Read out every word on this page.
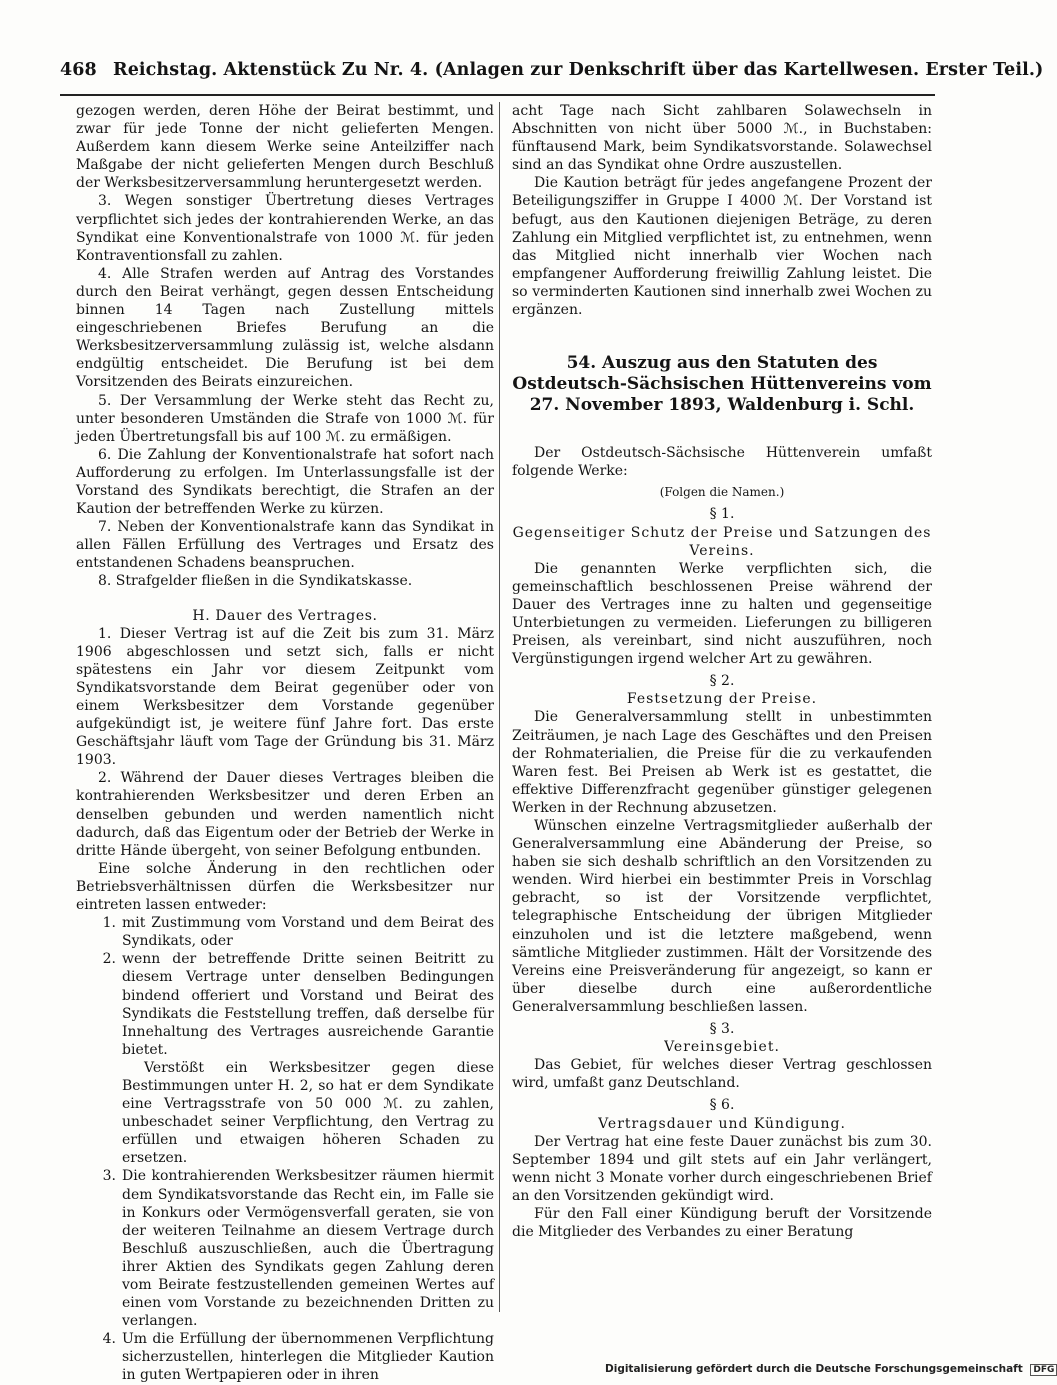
468 Reichstag. Aktenstück Zu Nr. 4. (Anlagen zur Denkschrift über das Kartellwesen. Erster Teil.)

gezogen werden, deren Höhe der Beirat bestimmt, und zwar für jede Tonne der nicht gelieferten Mengen. Außerdem kann diesem Werke seine Anteilziffer nach Maßgabe der nicht gelieferten Mengen durch Beschluß der Werksbesitzerversammlung heruntergesetzt werden.

3. Wegen sonstiger Übertretung dieses Vertrages verpflichtet sich jedes der kontrahierenden Werke, an das Syndikat eine Konventionalstrafe von 1000 ℳ. für jeden Kontraventionsfall zu zahlen.

4. Alle Strafen werden auf Antrag des Vorstandes durch den Beirat verhängt, gegen dessen Entscheidung binnen 14 Tagen nach Zustellung mittels eingeschriebenen Briefes Berufung an die Werksbesitzerversammlung zulässig ist, welche alsdann endgültig entscheidet. Die Berufung ist bei dem Vorsitzenden des Beirats einzureichen.

5. Der Versammlung der Werke steht das Recht zu, unter besonderen Umständen die Strafe von 1000 ℳ. für jeden Übertretungsfall bis auf 100 ℳ. zu ermäßigen.

6. Die Zahlung der Konventionalstrafe hat sofort nach Aufforderung zu erfolgen. Im Unterlassungsfalle ist der Vorstand des Syndikats berechtigt, die Strafen an der Kaution der betreffenden Werke zu kürzen.

7. Neben der Konventionalstrafe kann das Syndikat in allen Fällen Erfüllung des Vertrages und Ersatz des entstandenen Schadens beanspruchen.

8. Strafgelder fließen in die Syndikatskasse.

H. Dauer des Vertrages.

1. Dieser Vertrag ist auf die Zeit bis zum 31. März 1906 abgeschlossen und setzt sich, falls er nicht spätestens ein Jahr vor diesem Zeitpunkt vom Syndikatsvorstande dem Beirat gegenüber oder von einem Werksbesitzer dem Vorstande gegenüber aufgekündigt ist, je weitere fünf Jahre fort. Das erste Geschäftsjahr läuft vom Tage der Gründung bis 31. März 1903.

2. Während der Dauer dieses Vertrages bleiben die kontrahierenden Werksbesitzer und deren Erben an denselben gebunden und werden namentlich nicht dadurch, daß das Eigentum oder der Betrieb der Werke in dritte Hände übergeht, von seiner Befolgung entbunden.

Eine solche Änderung in den rechtlichen oder Betriebsverhältnissen dürfen die Werksbesitzer nur eintreten lassen entweder:

1. mit Zustimmung vom Vorstand und dem Beirat des Syndikats, oder
2. wenn der betreffende Dritte seinen Beitritt zu diesem Vertrage unter denselben Bedingungen bindend offeriert und Vorstand und Beirat des Syndikats die Feststellung treffen, daß derselbe für Innehaltung des Vertrages ausreichende Garantie bietet.

Verstößt ein Werksbesitzer gegen diese Bestimmungen unter H. 2, so hat er dem Syndikate eine Vertragsstrafe von 50 000 ℳ. zu zahlen, unbeschadet seiner Verpflichtung, den Vertrag zu erfüllen und etwaigen höheren Schaden zu ersetzen.

3. Die kontrahierenden Werksbesitzer räumen hiermit dem Syndikatsvorstande das Recht ein, im Falle sie in Konkurs oder Vermögensverfall geraten, sie von der weiteren Teilnahme an diesem Vertrage durch Beschluß auszuschließen, auch die Übertragung ihrer Aktien des Syndikats gegen Zahlung deren vom Beirate festzustellenden gemeinen Wertes auf einen vom Vorstande zu bezeichnenden Dritten zu verlangen.
4. Um die Erfüllung der übernommenen Verpflichtung sicherzustellen, hinterlegen die Mitglieder Kaution in guten Wertpapieren oder in ihren

acht Tage nach Sicht zahlbaren Solawechseln in Abschnitten von nicht über 5000 ℳ., in Buchstaben: fünftausend Mark, beim Syndikatsvorstande. Solawechsel sind an das Syndikat ohne Ordre auszustellen.

Die Kaution beträgt für jedes angefangene Prozent der Beteiligungsziffer in Gruppe I 4000 ℳ. Der Vorstand ist befugt, aus den Kautionen diejenigen Beträge, zu deren Zahlung ein Mitglied verpflichtet ist, zu entnehmen, wenn das Mitglied nicht innerhalb vier Wochen nach empfangener Aufforderung freiwillig Zahlung leistet. Die so verminderten Kautionen sind innerhalb zwei Wochen zu ergänzen.

54. Auszug aus den Statuten des Ostdeutsch-Sächsischen Hüttenvereins vom 27. November 1893, Waldenburg i. Schl.

Der Ostdeutsch-Sächsische Hüttenverein umfaßt folgende Werke:

(Folgen die Namen.)

§ 1.

Gegenseitiger Schutz der Preise und Satzungen des Vereins.

Die genannten Werke verpflichten sich, die gemeinschaftlich beschlossenen Preise während der Dauer des Vertrages inne zu halten und gegenseitige Unterbietungen zu vermeiden. Lieferungen zu billigeren Preisen, als vereinbart, sind nicht auszuführen, noch Vergünstigungen irgend welcher Art zu gewähren.

§ 2.

Festsetzung der Preise.

Die Generalversammlung stellt in unbestimmten Zeiträumen, je nach Lage des Geschäftes und den Preisen der Rohmaterialien, die Preise für die zu verkaufenden Waren fest. Bei Preisen ab Werk ist es gestattet, die effektive Differenzfracht gegenüber günstiger gelegenen Werken in der Rechnung abzusetzen.

Wünschen einzelne Vertragsmitglieder außerhalb der Generalversammlung eine Abänderung der Preise, so haben sie sich deshalb schriftlich an den Vorsitzenden zu wenden. Wird hierbei ein bestimmter Preis in Vorschlag gebracht, so ist der Vorsitzende verpflichtet, telegraphische Entscheidung der übrigen Mitglieder einzuholen und ist die letztere maßgebend, wenn sämtliche Mitglieder zustimmen. Hält der Vorsitzende des Vereins eine Preisveränderung für angezeigt, so kann er über dieselbe durch eine außerordentliche Generalversammlung beschließen lassen.

§ 3.

Vereinsgebiet.

Das Gebiet, für welches dieser Vertrag geschlossen wird, umfaßt ganz Deutschland.

§ 6.

Vertragsdauer und Kündigung.

Der Vertrag hat eine feste Dauer zunächst bis zum 30. September 1894 und gilt stets auf ein Jahr verlängert, wenn nicht 3 Monate vorher durch eingeschriebenen Brief an den Vorsitzenden gekündigt wird.

Für den Fall einer Kündigung beruft der Vorsitzende die Mitglieder des Verbandes zu einer Beratung

Digitalisierung gefördert durch die Deutsche Forschungsgemeinschaft DFG
